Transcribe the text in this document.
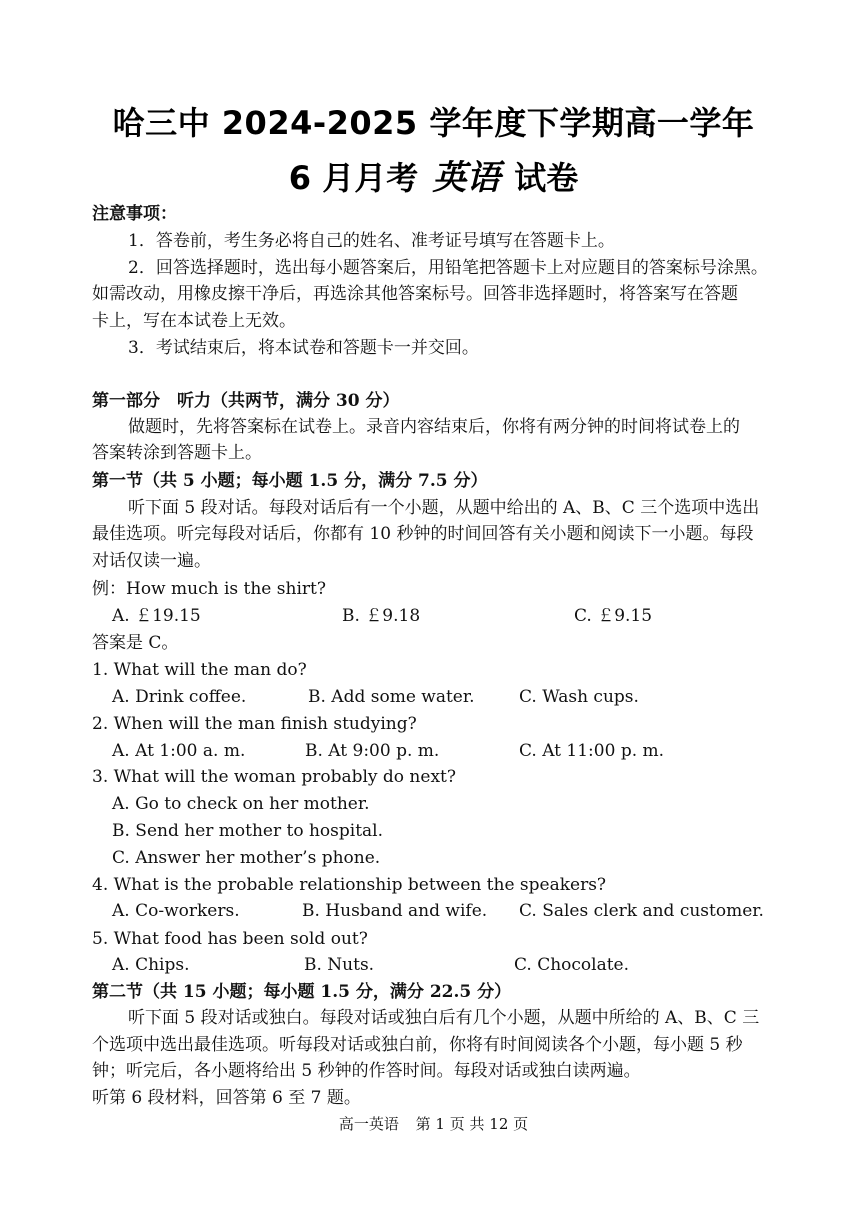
哈三中 2024-2025 学年度下学期高一学年
6 月月考 英语 试卷
注意事项：
1．答卷前，考生务必将自己的姓名、准考证号填写在答题卡上。
2．回答选择题时，选出每小题答案后，用铅笔把答题卡上对应题目的答案标号涂黑。
如需改动，用橡皮擦干净后，再选涂其他答案标号。回答非选择题时，将答案写在答题
卡上，写在本试卷上无效。
3．考试结束后，将本试卷和答题卡一并交回。
第一部分　听力（共两节，满分 30 分）
做题时，先将答案标在试卷上。录音内容结束后，你将有两分钟的时间将试卷上的
答案转涂到答题卡上。
第一节（共 5 小题；每小题 1.5 分，满分 7.5 分）
听下面 5 段对话。每段对话后有一个小题，从题中给出的 A、B、C 三个选项中选出
最佳选项。听完每段对话后，你都有 10 秒钟的时间回答有关小题和阅读下一小题。每段
对话仅读一遍。
例：How much is the shirt?
A. ￡19.15	B. ￡9.18	C. ￡9.15
答案是 C。
1. What will the man do?
A. Drink coffee.	B. Add some water.	C. Wash cups.
2. When will the man finish studying?
A. At 1:00 a. m.	B. At 9:00 p. m.	C. At 11:00 p. m.
3. What will the woman probably do next?
A. Go to check on her mother.
B. Send her mother to hospital.
C. Answer her mother’s phone.
4. What is the probable relationship between the speakers?
A. Co-workers.	B. Husband and wife. C. Sales clerk and customer.
5. What food has been sold out?
A. Chips.	B. Nuts.	C. Chocolate.
第二节（共 15 小题；每小题 1.5 分，满分 22.5 分）
听下面 5 段对话或独白。每段对话或独白后有几个小题，从题中所给的 A、B、C 三
个选项中选出最佳选项。听每段对话或独白前，你将有时间阅读各个小题，每小题 5 秒
钟；听完后，各小题将给出 5 秒钟的作答时间。每段对话或独白读两遍。
听第 6 段材料，回答第 6 至 7 题。
高一英语 第 1 页 共 12 页
